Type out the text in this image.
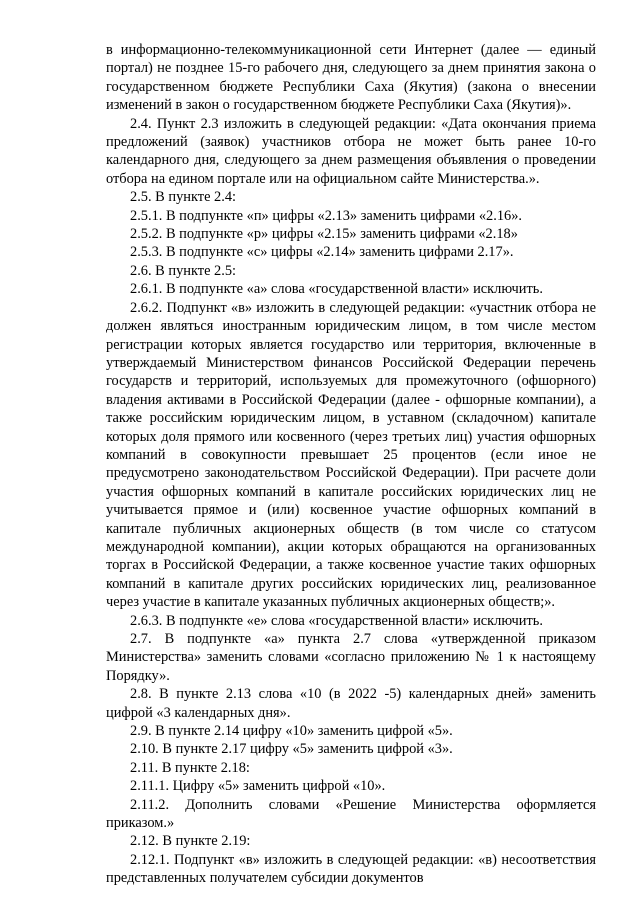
в информационно-телекоммуникационной сети Интернет (далее — единый портал) не позднее 15-го рабочего дня, следующего за днем принятия закона о государственном бюджете Республики Саха (Якутия) (закона о внесении изменений в закон о государственном бюджете Республики Саха (Якутия)».

2.4. Пункт 2.3 изложить в следующей редакции: «Дата окончания приема предложений (заявок) участников отбора не может быть ранее 10-го календарного дня, следующего за днем размещения объявления о проведении отбора на едином портале или на официальном сайте Министерства.».

2.5. В пункте 2.4:

2.5.1. В подпункте «п» цифры «2.13» заменить цифрами «2.16».

2.5.2. В подпункте «р» цифры «2.15» заменить цифрами «2.18»

2.5.3. В подпункте «с» цифры «2.14» заменить цифрами 2.17».

2.6. В пункте 2.5:

2.6.1. В подпункте «а» слова «государственной власти» исключить.

2.6.2. Подпункт «в» изложить в следующей редакции: «участник отбора не должен являться иностранным юридическим лицом, в том числе местом регистрации которых является государство или территория, включенные в утверждаемый Министерством финансов Российской Федерации перечень государств и территорий, используемых для промежуточного (офшорного) владения активами в Российской Федерации (далее - офшорные компании), а также российским юридическим лицом, в уставном (складочном) капитале которых доля прямого или косвенного (через третьих лиц) участия офшорных компаний в совокупности превышает 25 процентов (если иное не предусмотрено законодательством Российской Федерации). При расчете доли участия офшорных компаний в капитале российских юридических лиц не учитывается прямое и (или) косвенное участие офшорных компаний в капитале публичных акционерных обществ (в том числе со статусом международной компании), акции которых обращаются на организованных торгах в Российской Федерации, а также косвенное участие таких офшорных компаний в капитале других российских юридических лиц, реализованное через участие в капитале указанных публичных акционерных обществ;».

2.6.3. В подпункте «е» слова «государственной власти» исключить.

2.7. В подпункте «а» пункта 2.7 слова «утвержденной приказом Министерства» заменить словами «согласно приложению № 1 к настоящему Порядку».

2.8. В пункте 2.13 слова «10 (в 2022 -5) календарных дней» заменить цифрой «3 календарных дня».

2.9. В пункте 2.14 цифру «10» заменить цифрой «5».

2.10. В пункте 2.17 цифру «5» заменить цифрой «3».

2.11. В пункте 2.18:

2.11.1. Цифру «5» заменить цифрой «10».

2.11.2. Дополнить словами «Решение Министерства оформляется приказом.»

2.12. В пункте 2.19:

2.12.1. Подпункт «в» изложить в следующей редакции: «в) несоответствия представленных получателем субсидии документов
